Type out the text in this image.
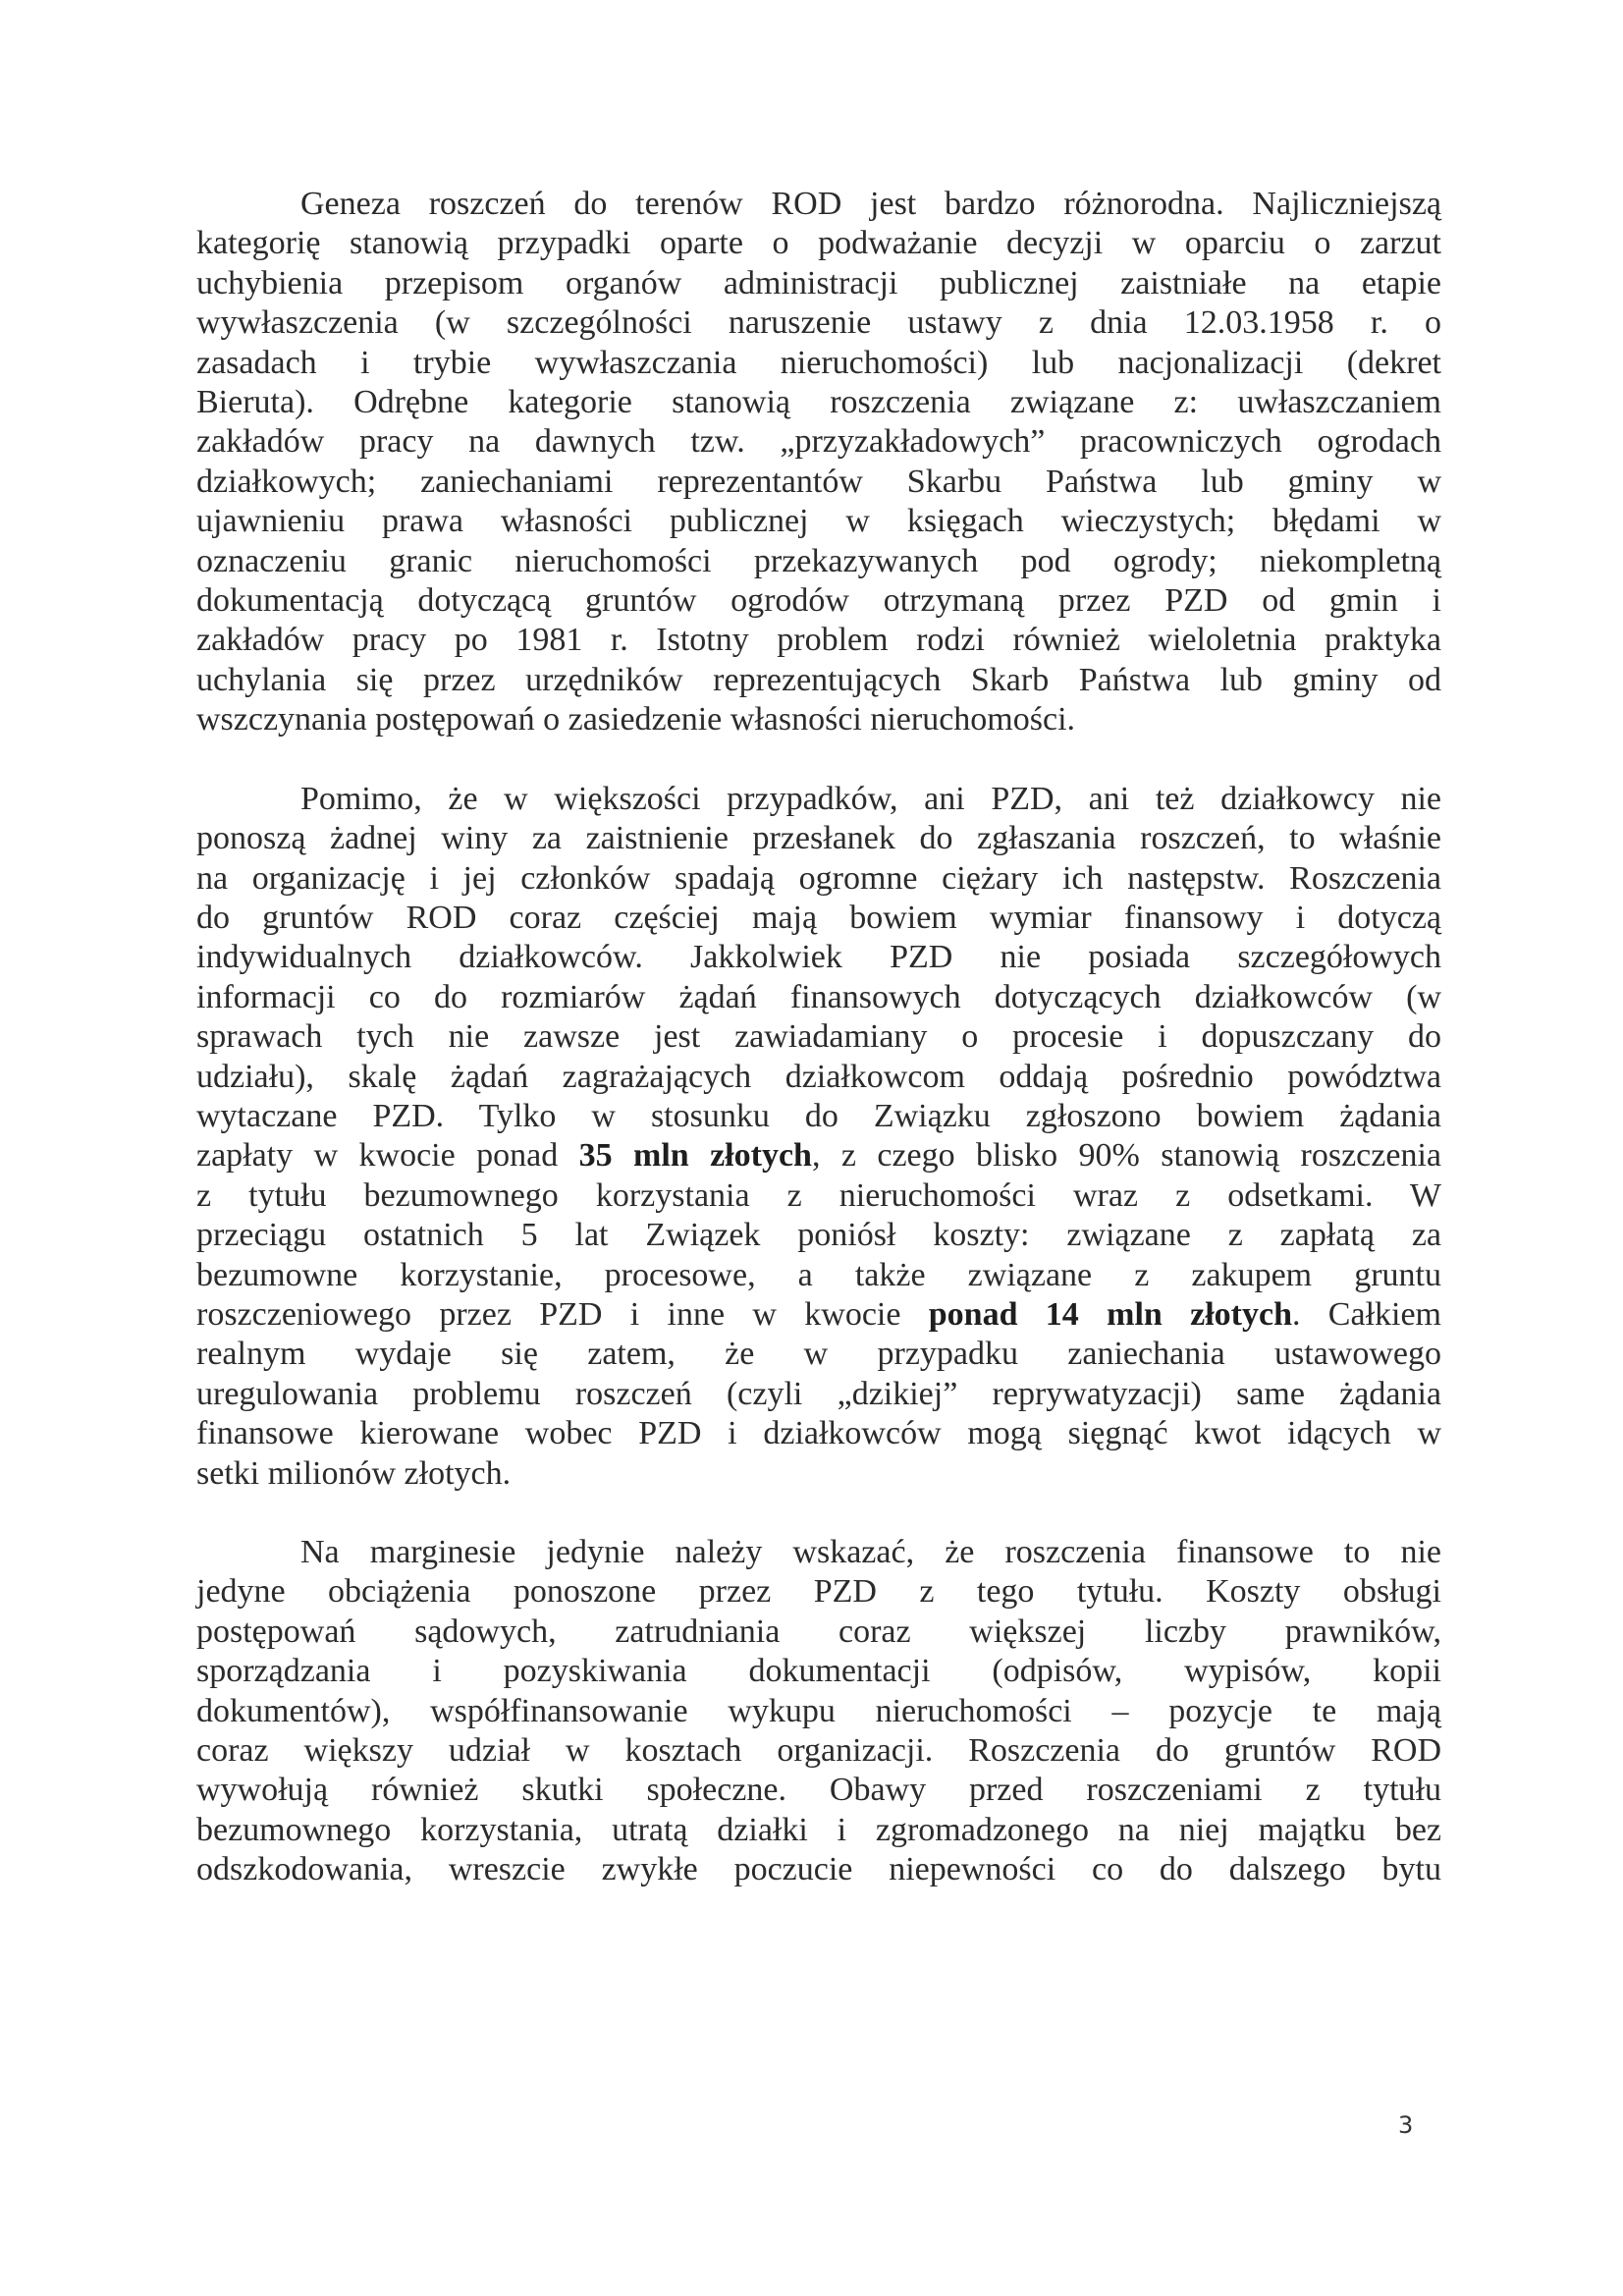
Geneza roszczeń do terenów ROD jest bardzo różnorodna. Najliczniejszą
kategorię stanowią przypadki oparte o podważanie decyzji w oparciu o zarzut
uchybienia przepisom organów administracji publicznej zaistniałe na etapie
wywłaszczenia (w szczególności naruszenie ustawy z dnia 12.03.1958 r. o
zasadach i trybie wywłaszczania nieruchomości) lub nacjonalizacji (dekret
Bieruta). Odrębne kategorie stanowią roszczenia związane z: uwłaszczaniem
zakładów pracy na dawnych tzw. „przyzakładowych” pracowniczych ogrodach
działkowych; zaniechaniami reprezentantów Skarbu Państwa lub gminy w
ujawnieniu prawa własności publicznej w księgach wieczystych; błędami w
oznaczeniu granic nieruchomości przekazywanych pod ogrody; niekompletną
dokumentacją dotyczącą gruntów ogrodów otrzymaną przez PZD od gmin i
zakładów pracy po 1981 r. Istotny problem rodzi również wieloletnia praktyka
uchylania się przez urzędników reprezentujących Skarb Państwa lub gminy od
wszczynania postępowań o zasiedzenie własności nieruchomości.
Pomimo, że w większości przypadków, ani PZD, ani też działkowcy nie
ponoszą żadnej winy za zaistnienie przesłanek do zgłaszania roszczeń, to właśnie
na organizację i jej członków spadają ogromne ciężary ich następstw. Roszczenia
do gruntów ROD coraz częściej mają bowiem wymiar finansowy i dotyczą
indywidualnych działkowców. Jakkolwiek PZD nie posiada szczegółowych
informacji co do rozmiarów żądań finansowych dotyczących działkowców (w
sprawach tych nie zawsze jest zawiadamiany o procesie i dopuszczany do
udziału), skalę żądań zagrażających działkowcom oddają pośrednio powództwa
wytaczane PZD. Tylko w stosunku do Związku zgłoszono bowiem żądania
zapłaty w kwocie ponad 35 mln złotych, z czego blisko 90% stanowią roszczenia
z tytułu bezumownego korzystania z nieruchomości wraz z odsetkami. W
przeciągu ostatnich 5 lat Związek poniósł koszty: związane z zapłatą za
bezumowne korzystanie, procesowe, a także związane z zakupem gruntu
roszczeniowego przez PZD i inne w kwocie ponad 14 mln złotych. Całkiem
realnym wydaje się zatem, że w przypadku zaniechania ustawowego
uregulowania problemu roszczeń (czyli „dzikiej” reprywatyzacji) same żądania
finansowe kierowane wobec PZD i działkowców mogą sięgnąć kwot idących w
setki milionów złotych.
Na marginesie jedynie należy wskazać, że roszczenia finansowe to nie
jedyne obciążenia ponoszone przez PZD z tego tytułu. Koszty obsługi
postępowań sądowych, zatrudniania coraz większej liczby prawników,
sporządzania i pozyskiwania dokumentacji (odpisów, wypisów, kopii
dokumentów), współfinansowanie wykupu nieruchomości – pozycje te mają
coraz większy udział w kosztach organizacji. Roszczenia do gruntów ROD
wywołują również skutki społeczne. Obawy przed roszczeniami z tytułu
bezumownego korzystania, utratą działki i zgromadzonego na niej majątku bez
odszkodowania, wreszcie zwykłe poczucie niepewności co do dalszego bytu
3
